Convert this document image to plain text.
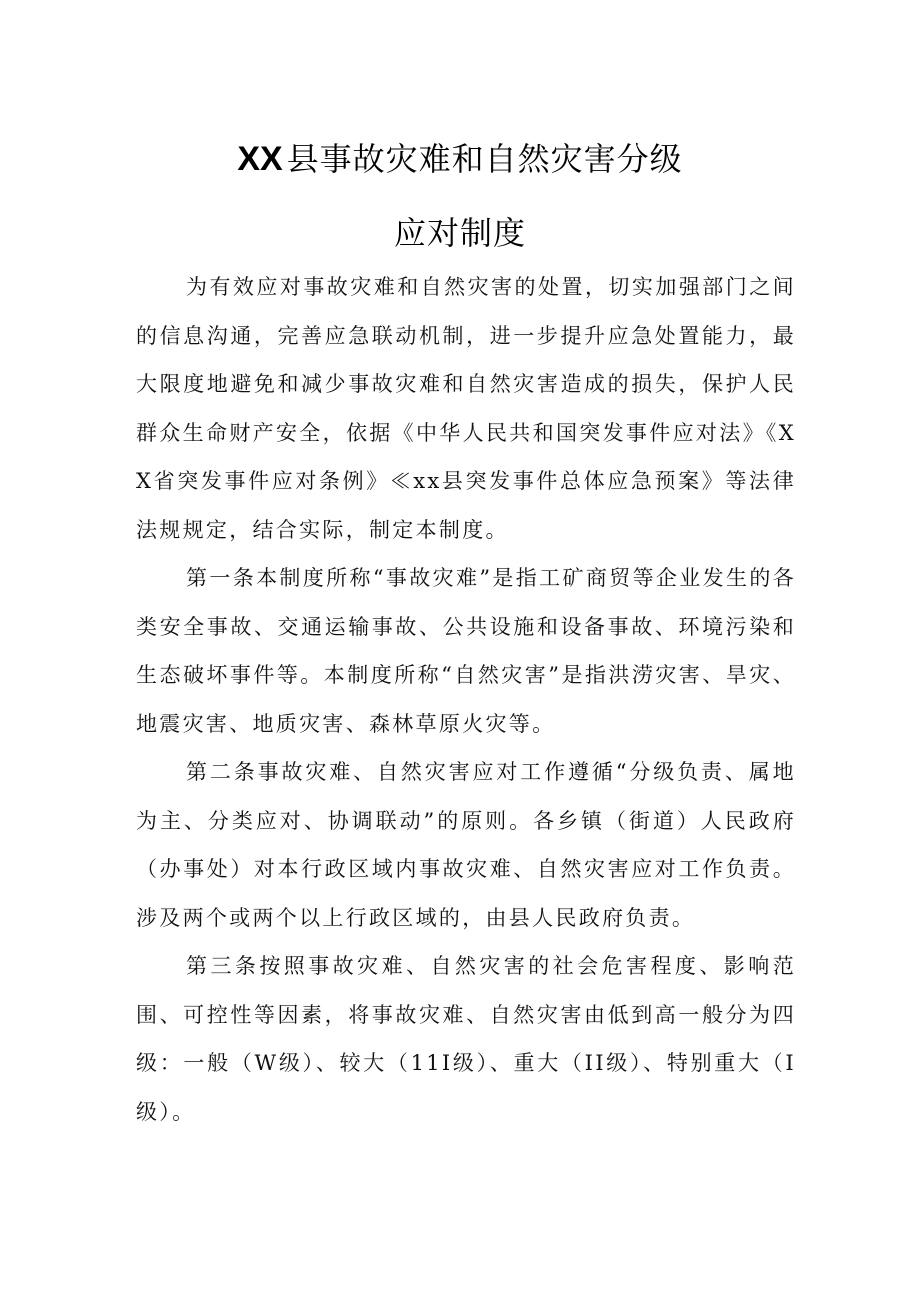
XX 县事故灾难和自然灾害分级
应对制度

为有效应对事故灾难和自然灾害的处置，切实加强部门之间的信息沟通，完善应急联动机制，进一步提升应急处置能力，最大限度地避免和减少事故灾难和自然灾害造成的损失，保护人民群众生命财产安全，依据《中华人民共和国突发事件应对法》《XX省突发事件应对条例》≪xx县突发事件总体应急预案》等法律法规规定，结合实际，制定本制度。

第一条本制度所称“事故灾难”是指工矿商贸等企业发生的各类安全事故、交通运输事故、公共设施和设备事故、环境污染和生态破坏事件等。本制度所称“自然灾害”是指洪涝灾害、旱灾、地震灾害、地质灾害、森林草原火灾等。

第二条事故灾难、自然灾害应对工作遵循“分级负责、属地为主、分类应对、协调联动”的原则。各乡镇（街道）人民政府（办事处）对本行政区域内事故灾难、自然灾害应对工作负责。涉及两个或两个以上行政区域的，由县人民政府负责。

第三条按照事故灾难、自然灾害的社会危害程度、影响范围、可控性等因素，将事故灾难、自然灾害由低到高一般分为四级：一般（W级）、较大（11I级）、重大（II级）、特别重大（I级）。
